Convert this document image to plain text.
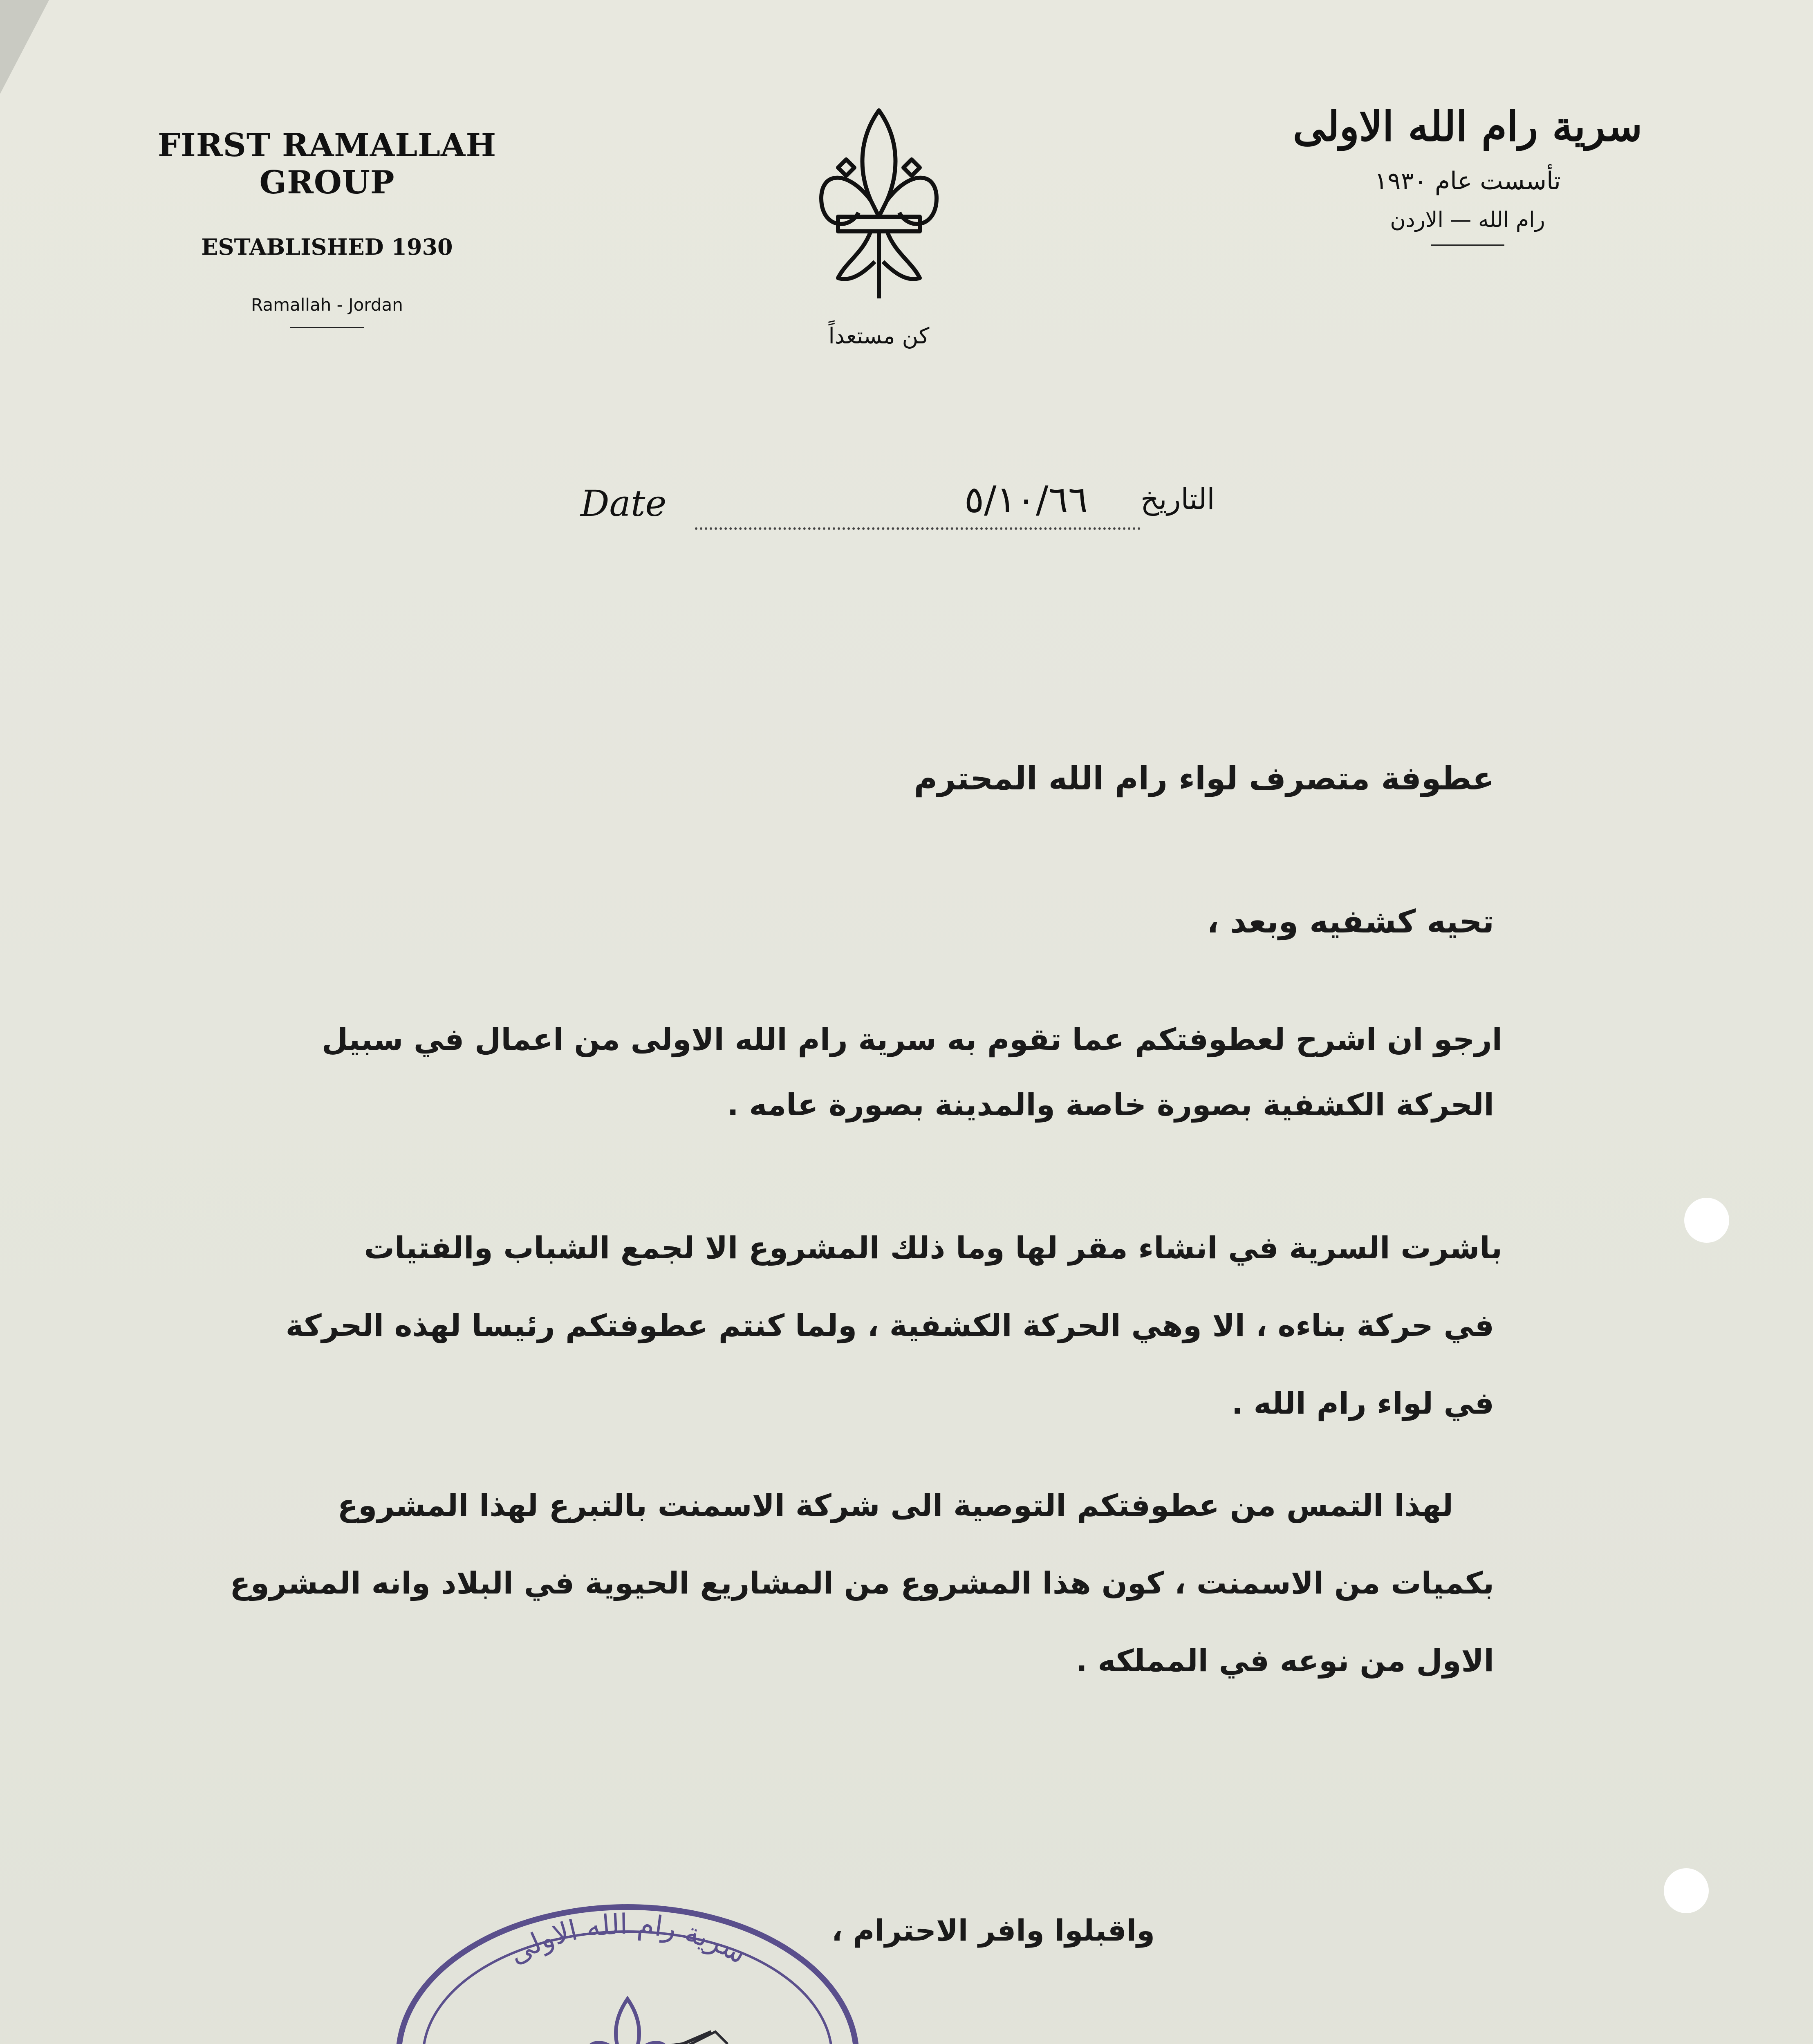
FIRST RAMALLAH GROUP
ESTABLISHED 1930
Ramallah - Jordan
كن مستعداً
سرية رام الله الاولى
تأسست عام ١٩٣٠
رام الله — الاردن
Date	٥/١٠/٦٦	التاريخ
عطوفة متصرف لواء رام الله المحترم
تحيه كشفيه وبعد ،
ارجو ان اشرح لعطوفتكم عما تقوم به سرية رام الله الاولى من اعمال في سبيل
الحركة الكشفية بصورة خاصة والمدينة بصورة عامه .
باشرت السرية في انشاء مقر لها وما ذلك المشروع الا لجمع الشباب والفتيات
في حركة بناءه ، الا وهي الحركة الكشفية ، ولما كنتم عطوفتكم رئيسا لهذه الحركة
في لواء رام الله .
لهذا التمس من عطوفتكم التوصية الى شركة الاسمنت بالتبرع لهذا المشروع
بكميات من الاسمنت ، كون هذا المشروع من المشاريع الحيوية في البلاد وانه المشروع
الاول من نوعه في المملكه .
واقبلوا وافر الاحترام ،
سرية رام الله الاولى
